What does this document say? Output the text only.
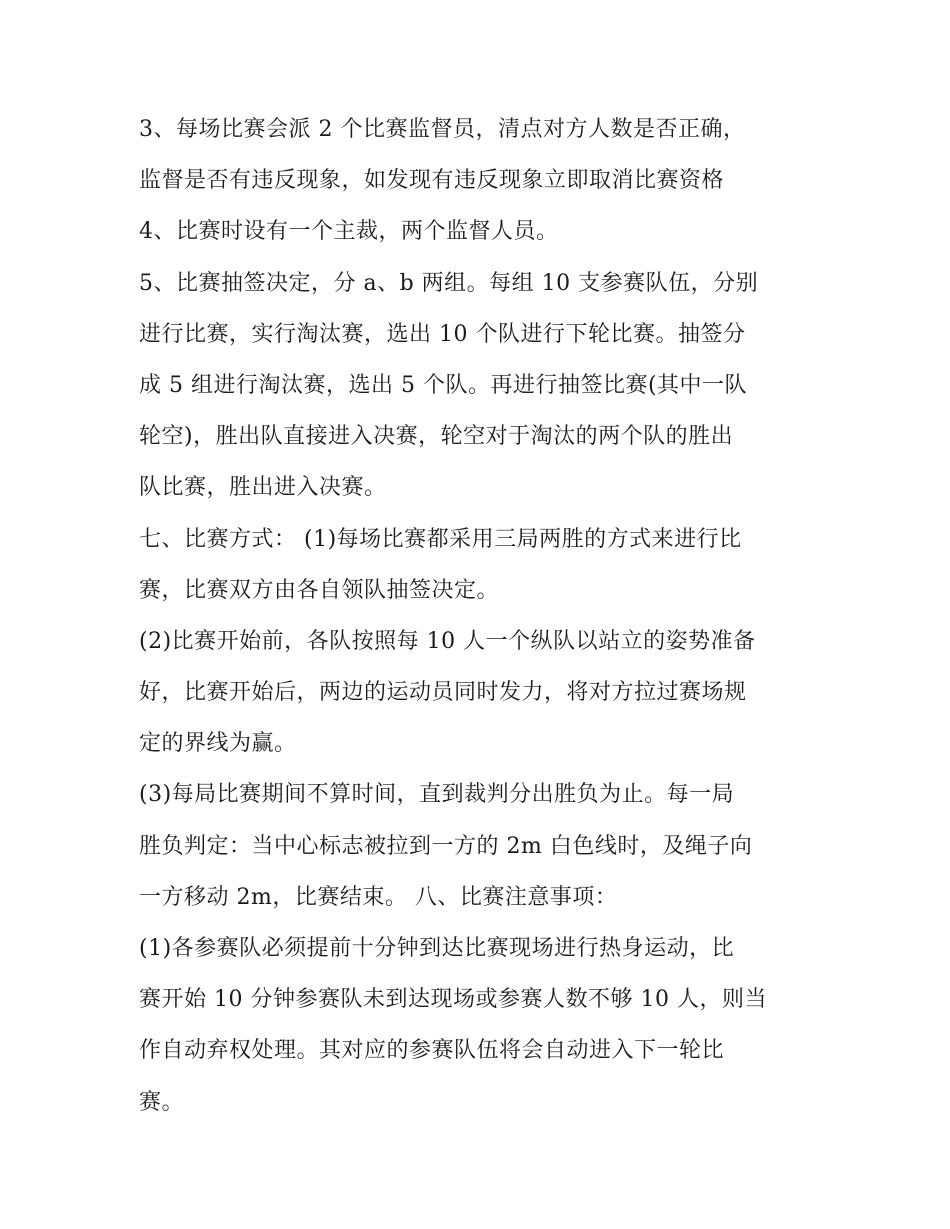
3、每场比赛会派 2 个比赛监督员，清点对方人数是否正确，
监督是否有违反现象，如发现有违反现象立即取消比赛资格
4、比赛时设有一个主裁，两个监督人员。
5、比赛抽签决定，分 a、b 两组。每组 10 支参赛队伍，分别
进行比赛，实行淘汰赛，选出 10 个队进行下轮比赛。抽签分
成 5 组进行淘汰赛，选出 5 个队。再进行抽签比赛(其中一队
轮空)，胜出队直接进入决赛，轮空对于淘汰的两个队的胜出
队比赛，胜出进入决赛。
七、比赛方式： (1)每场比赛都采用三局两胜的方式来进行比
赛，比赛双方由各自领队抽签决定。
(2)比赛开始前，各队按照每 10 人一个纵队以站立的姿势准备
好，比赛开始后，两边的运动员同时发力，将对方拉过赛场规
定的界线为赢。
(3)每局比赛期间不算时间，直到裁判分出胜负为止。每一局
胜负判定：当中心标志被拉到一方的 2m 白色线时，及绳子向
一方移动 2m，比赛结束。 八、比赛注意事项：
(1)各参赛队必须提前十分钟到达比赛现场进行热身运动，比
赛开始 10 分钟参赛队未到达现场或参赛人数不够 10 人，则当
作自动弃权处理。其对应的参赛队伍将会自动进入下一轮比
赛。
